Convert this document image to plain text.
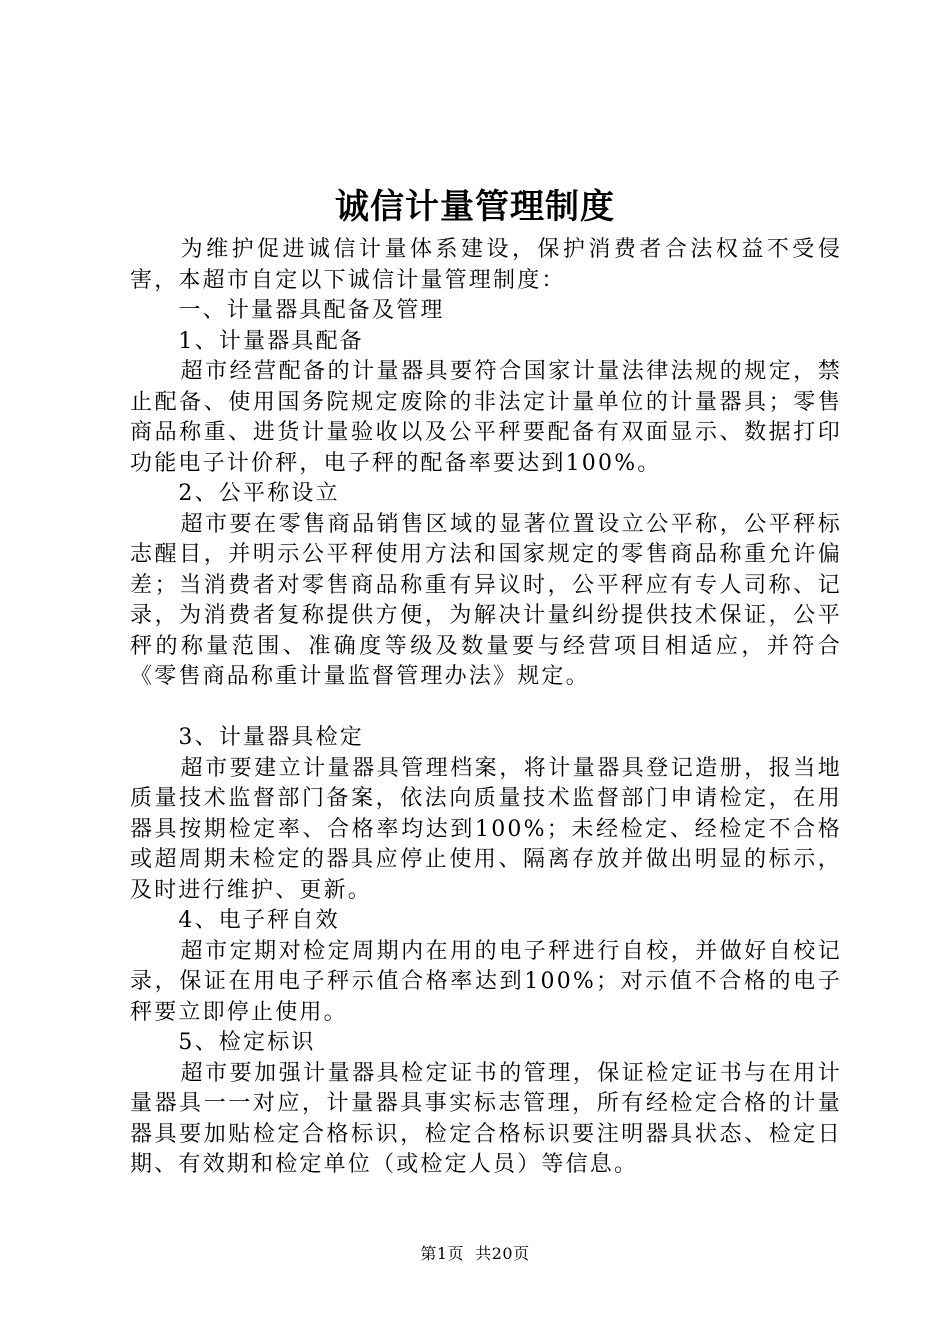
诚信计量管理制度

为维护促进诚信计量体系建设，保护消费者合法权益不受侵害，本超市自定以下诚信计量管理制度：

一、计量器具配备及管理

1、计量器具配备

超市经营配备的计量器具要符合国家计量法律法规的规定，禁止配备、使用国务院规定废除的非法定计量单位的计量器具；零售商品称重、进货计量验收以及公平秤要配备有双面显示、数据打印功能电子计价秤，电子秤的配备率要达到100%。

2、公平称设立

超市要在零售商品销售区域的显著位置设立公平称，公平秤标志醒目，并明示公平秤使用方法和国家规定的零售商品称重允许偏差；当消费者对零售商品称重有异议时，公平秤应有专人司称、记录，为消费者复称提供方便，为解决计量纠纷提供技术保证，公平秤的称量范围、准确度等级及数量要与经营项目相适应，并符合《零售商品称重计量监督管理办法》规定。

3、计量器具检定

超市要建立计量器具管理档案，将计量器具登记造册，报当地质量技术监督部门备案，依法向质量技术监督部门申请检定，在用器具按期检定率、合格率均达到100%；未经检定、经检定不合格或超周期未检定的器具应停止使用、隔离存放并做出明显的标示，及时进行维护、更新。

4、电子秤自效

超市定期对检定周期内在用的电子秤进行自校，并做好自校记录，保证在用电子秤示值合格率达到100%；对示值不合格的电子秤要立即停止使用。

5、检定标识

超市要加强计量器具检定证书的管理，保证检定证书与在用计量器具一一对应，计量器具事实标志管理，所有经检定合格的计量器具要加贴检定合格标识，检定合格标识要注明器具状态、检定日期、有效期和检定单位（或检定人员）等信息。

第1页 共20页
